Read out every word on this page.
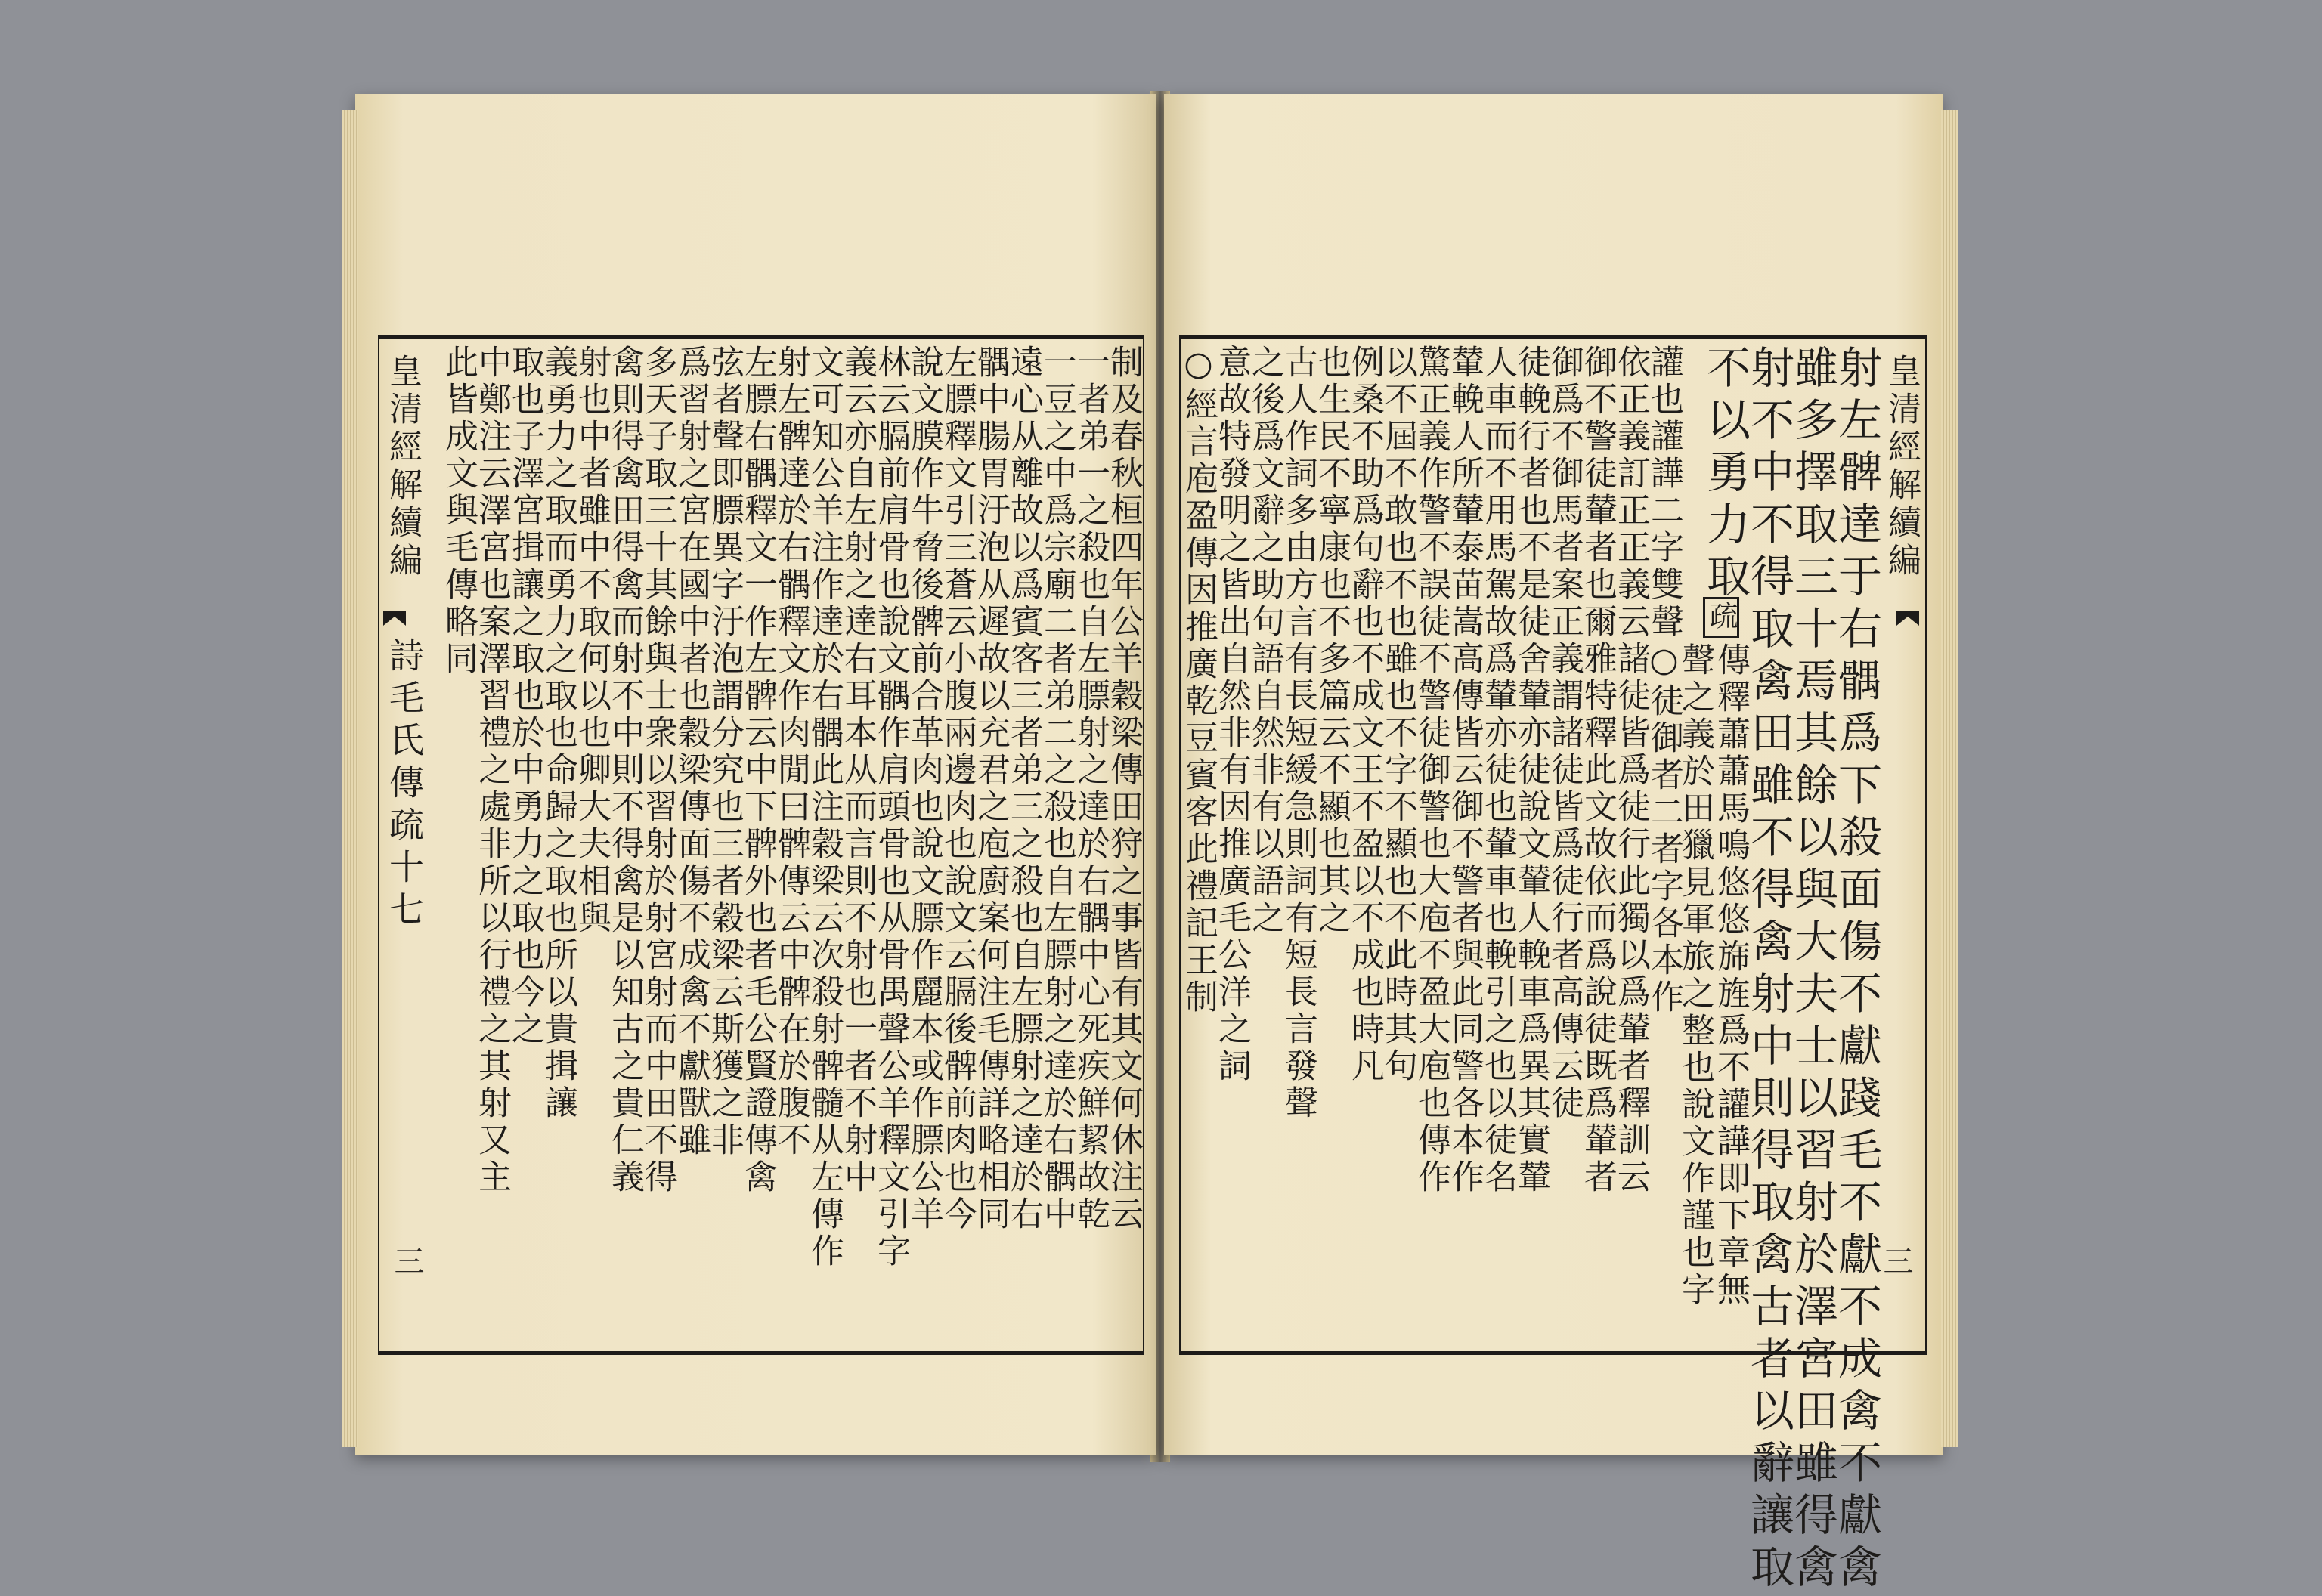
皇清經解續編
詩毛氏傳疏十七
三
制及春秋桓四年公羊穀梁傳田狩之事皆有其文何休注云
一者弟一之殺也自左膘射之達於右髃中心死疾鮮絜故乾
一豆之中爲宗廟二者弟二之殺也自左膘射之達於右髃中
遠心从離故以爲賓客三者弟三之殺也自左膘射之達於右
髃中腸胃汙泡从遲故以充君之庖廚案何注毛傳詳略相同
左膘釋文引三蒼云小腹兩邊肉也說文云膈後髀前肉也今
說文膜作牛脅後髀前合革肉也說文膘作麗本或作膘公羊
林云膈前肩骨也說文髃作肩頭骨也从骨禺聲公羊釋文引字
義云亦自左射之達右耳本从而言則不射也一者不射中
文可知公羊注作達於右髃此注穀梁云次殺射髀髓从左傳作
射左髀達於右髃釋文作肉閒曰髀傳云中髀在於腹不
左膘右髃釋文一作左髀云中下髀外也者毛公賢證傳禽
弦者聲即膘異字汙泡謂分究也三者穀梁云斯獲之非
爲習射之宮在國中者也穀梁傳面傷不成禽不獻獸雖
多天子取三十其餘與士衆以習射於射宮射而中田不得
禽則得禽田得禽而射不中則不得禽是以知古之貴仁義
射也中者雖中不取何以也卿大夫相與
義勇力之取而勇力之取也命歸之取也所以貴揖讓
取也子澤宮揖讓之取也於中勇力之取也今之
中鄭注云澤宮也案澤習禮之處非所以行禮之其射又主
此皆成文與毛傳略同	皇清經解續編
三
射左髀達于右髃爲下殺面傷不獻踐毛不獻不成禽不獻禽
雖多擇取三十焉其餘以與大夫士以習射於澤宮田雖得禽
射不中不得取禽田雖不得禽射中則得取禽古者以辭讓取
不以勇力取
疏
傳釋蕭蕭馬鳴悠悠旆旌爲不讙譁即下章無
聲之義於田獵見軍旅之整也說文作謹也字
讙也讙譁二字雙聲○徒御者二者字各本作
依正義訂正正義云諸徒皆爲徒行此獨以爲輦者釋訓云
御不警徒輦者也爾雅特釋此文故依而爲說徒既爲輦者
御爲不御馬者案正義謂諸徒皆爲徒行者高傳云徒
徒輓行者也不是徒舍輦亦徒說文輦人輓車爲異其實輦
人車而不用馬駕故爲輦亦徒也輦車也輓引之也以徒名
輦輓人所輦泰苗嵩高傳皆云御不警者與此同警各本作
驚正義作警不誤徒不警徒御警也大庖不盈大庖也傳作
以不屆不敢也不也雖也不字不顯也不此時其句
例桑不助爲句辭也不成文王不盈以不成也時凡
也生民不寧康也不多篇云不顯也其之
古人作詞多由方言有長短緩急則詞有短長言發聲
之後爲文辭之助句語自然非有以語之
意故特發明之皆出自然非有因推廣毛公洋之詞
○經言庖盈傳因推廣乾豆賓客此禮記王制
